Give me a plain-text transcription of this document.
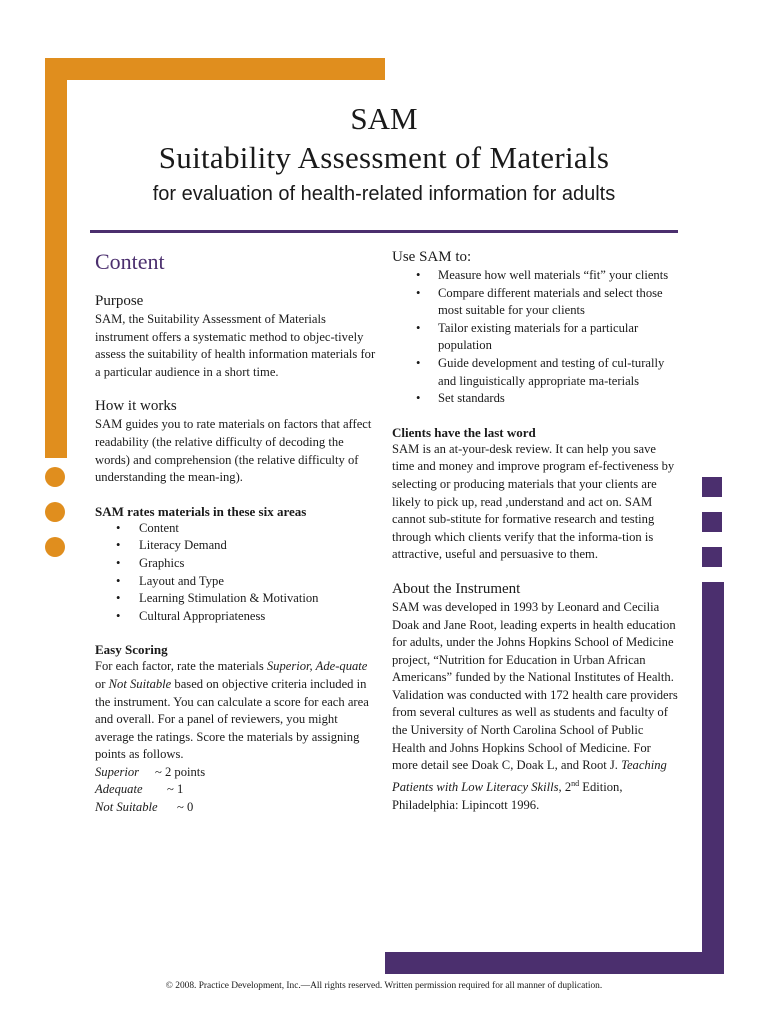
SAM
Suitability Assessment of Materials
for evaluation of health-related information for adults
Content
Purpose

SAM, the Suitability Assessment of Materials instrument offers a systematic method to objec-tively assess the suitability of health information materials for a particular audience in a short time.

How it works

SAM guides you to rate materials on factors that affect readability (the relative difficulty of decoding the words) and comprehension (the relative difficulty of understanding the mean-ing).

SAM rates materials in these six areas
• Content
• Literacy Demand
• Graphics
• Layout and Type
• Learning Stimulation & Motivation
• Cultural Appropriateness
Easy Scoring

For each factor, rate the materials Superior, Ade-quate or Not Suitable based on objective criteria included in the instrument. You can calculate a score for each area and overall. For a panel of reviewers, you might average the ratings. Score the materials by assigning points as follows.

Superior	~ 2 points
Adequate	~ 1
Not Suitable	~ 0
Use SAM to:
• Measure how well materials “fit” your clients
• Compare different materials and select those most suitable for your clients
• Tailor existing materials for a particular population
• Guide development and testing of cul-turally and linguistically appropriate ma-terials
• Set standards
Clients have the last word

SAM is an at-your-desk review. It can help you save time and money and improve program ef-fectiveness by selecting or producing materials that your clients are likely to pick up, read ,understand and act on. SAM cannot sub-stitute for formative research and testing through which clients verify that the informa-tion is attractive, useful and persuasive to them.

About the Instrument

SAM was developed in 1993 by Leonard and Cecilia Doak and Jane Root, leading experts in health education for adults, under the Johns Hopkins School of Medicine project, “Nutrition for Education in Urban African Americans” funded by the National Institutes of Health. Validation was conducted with 172 health care providers from several cultures as well as students and faculty of the University of North Carolina School of Public Health and Johns Hopkins School of Medicine. For more detail see Doak C, Doak L, and Root J. Teaching Patients with Low Literacy Skills, 2nd Edition, Philadelphia: Lipincott 1996.

© 2008. Practice Development, Inc.—All rights reserved. Written permission required for all manner of duplication.
